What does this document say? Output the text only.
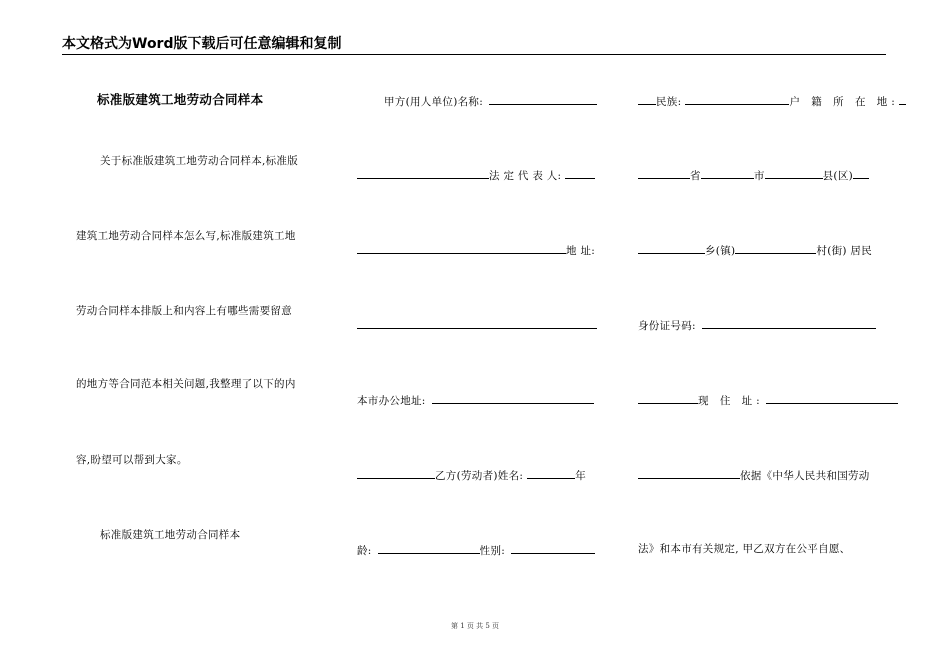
本文格式为Word版下载后可任意编辑和复制
标准版建筑工地劳动合同样本
关于标准版建筑工地劳动合同样本,标准版
建筑工地劳动合同样本怎么写,标准版建筑工地
劳动合同样本排版上和内容上有哪些需要留意
的地方等合同范本相关问题,我整理了以下的内
容,盼望可以帮到大家。
标准版建筑工地劳动合同样本
甲方(用人单位)名称:
法 定 代 表 人:
地 址:
本市办公地址:
乙方(劳动者)姓名:	年
龄:	性别:
民族:	户 籍 所 在 地:
省	市	县(区)
乡(镇)	村(街) 居民
身份证号码:
现 住 址:
依据《中华人民共和国劳动
法》和本市有关规定, 甲乙双方在公平自愿、
第 1 页 共 5 页
